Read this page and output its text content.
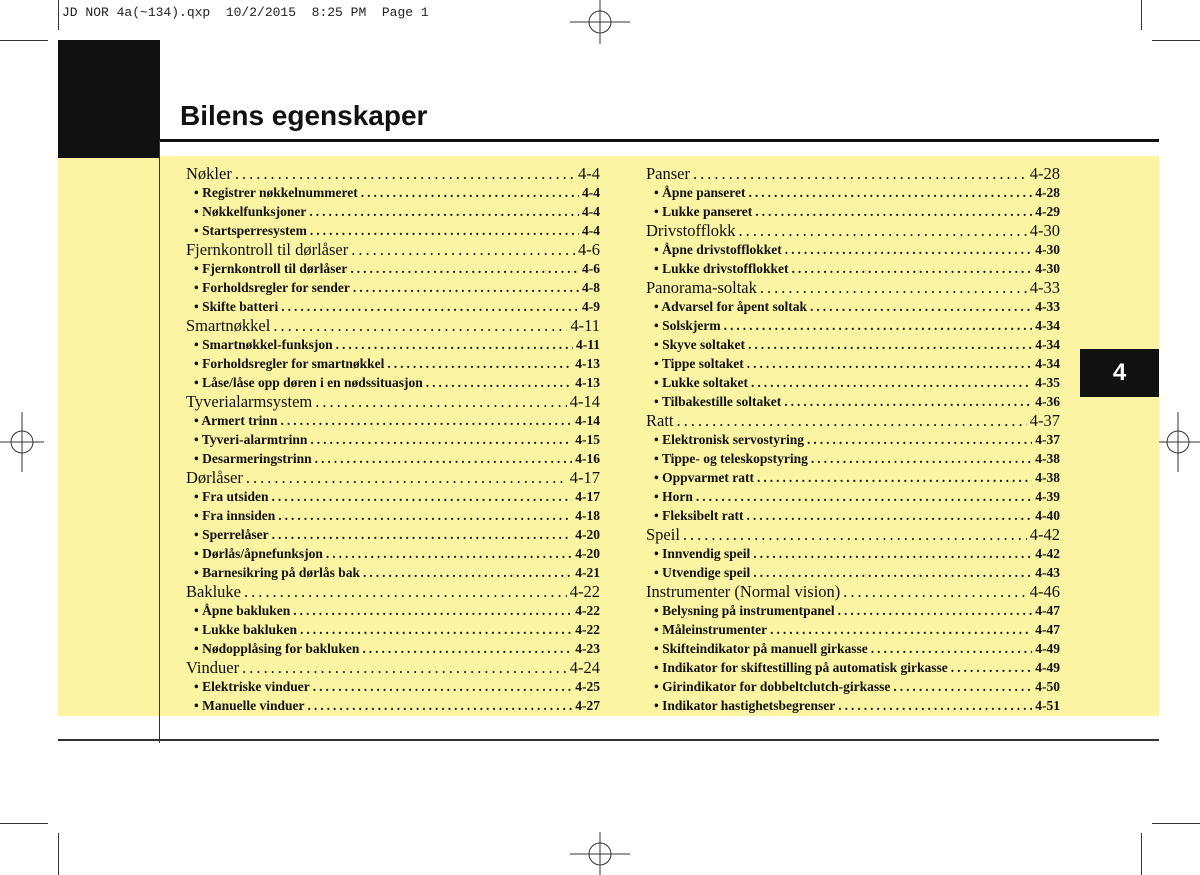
JD NOR 4a(~134).qxp  10/2/2015  8:25 PM  Page 1
Bilens egenskaper
4
Nøkler .....	4-4
• Registrer nøkkelnummeret .....	4-4
• Nøkkelfunksjoner .....	4-4
• Startsperresystem .....	4-4
Fjernkontroll til dørlåser .....	4-6
• Fjernkontroll til dørlåser .....	4-6
• Forholdsregler for sender .....	4-8
• Skifte batteri .....	4-9
Smartnøkkel .....	4-11
• Smartnøkkel-funksjon .....	4-11
• Forholdsregler for smartnøkkel .....	4-13
• Låse/låse opp døren i en nødssituasjon .....	4-13
Tyverialarmsystem .....	4-14
• Armert trinn .....	4-14
• Tyveri-alarmtrinn .....	4-15
• Desarmeringstrinn .....	4-16
Dørlåser .....	4-17
• Fra utsiden .....	4-17
• Fra innsiden .....	4-18
• Sperrelåser .....	4-20
• Dørlås/åpnefunksjon .....	4-20
• Barnesikring på dørlås bak .....	4-21
Bakluke .....	4-22
• Åpne bakluken .....	4-22
• Lukke bakluken .....	4-22
• Nødopplåsing for bakluken .....	4-23
Vinduer .....	4-24
• Elektriske vinduer .....	4-25
• Manuelle vinduer .....	4-27
Panser .....	4-28
• Åpne panseret .....	4-28
• Lukke panseret .....	4-29
Drivstofflokk .....	4-30
• Åpne drivstofflokket .....	4-30
• Lukke drivstofflokket .....	4-30
Panorama-soltak .....	4-33
• Advarsel for åpent soltak .....	4-33
• Solskjerm .....	4-34
• Skyve soltaket .....	4-34
• Tippe soltaket .....	4-34
• Lukke soltaket .....	4-35
• Tilbakestille soltaket .....	4-36
Ratt .....	4-37
• Elektronisk servostyring .....	4-37
• Tippe- og teleskopstyring .....	4-38
• Oppvarmet ratt .....	4-38
• Horn .....	4-39
• Fleksibelt ratt .....	4-40
Speil .....	4-42
• Innvendig speil .....	4-42
• Utvendige speil .....	4-43
Instrumenter (Normal vision) .....	4-46
• Belysning på instrumentpanel .....	4-47
• Måleinstrumenter .....	4-47
• Skifteindikator på manuell girkasse .....	4-49
• Indikator for skiftestilling på automatisk girkasse .....	4-49
• Girindikator for dobbeltclutch-girkasse .....	4-50
• Indikator hastighetsbegrenser .....	4-51
